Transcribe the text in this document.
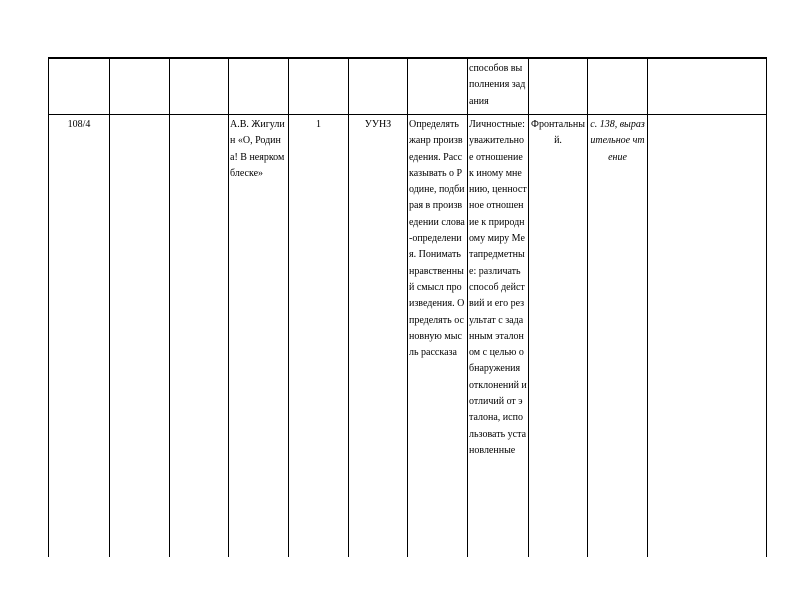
							способов выполнения задания			
108/4			А.В. Жигулин «О, Родина! В неярком блеске»	1	УУНЗ	Определять жанр произведения. Рассказывать о Родине, подбирая в произведении слова-определения. Понимать нравственный смысл произведения. Определять основную мысль рассказа	Личностные: уважительное отношение к иному мнению, ценностное отношение к природному миру Метапредметные: различать способ действий и его результат с заданным эталоном с целью обнаружения отклонений и отличий от эталона, использовать установленные	Фронтальный.	с. 138, выразительное чтение	
